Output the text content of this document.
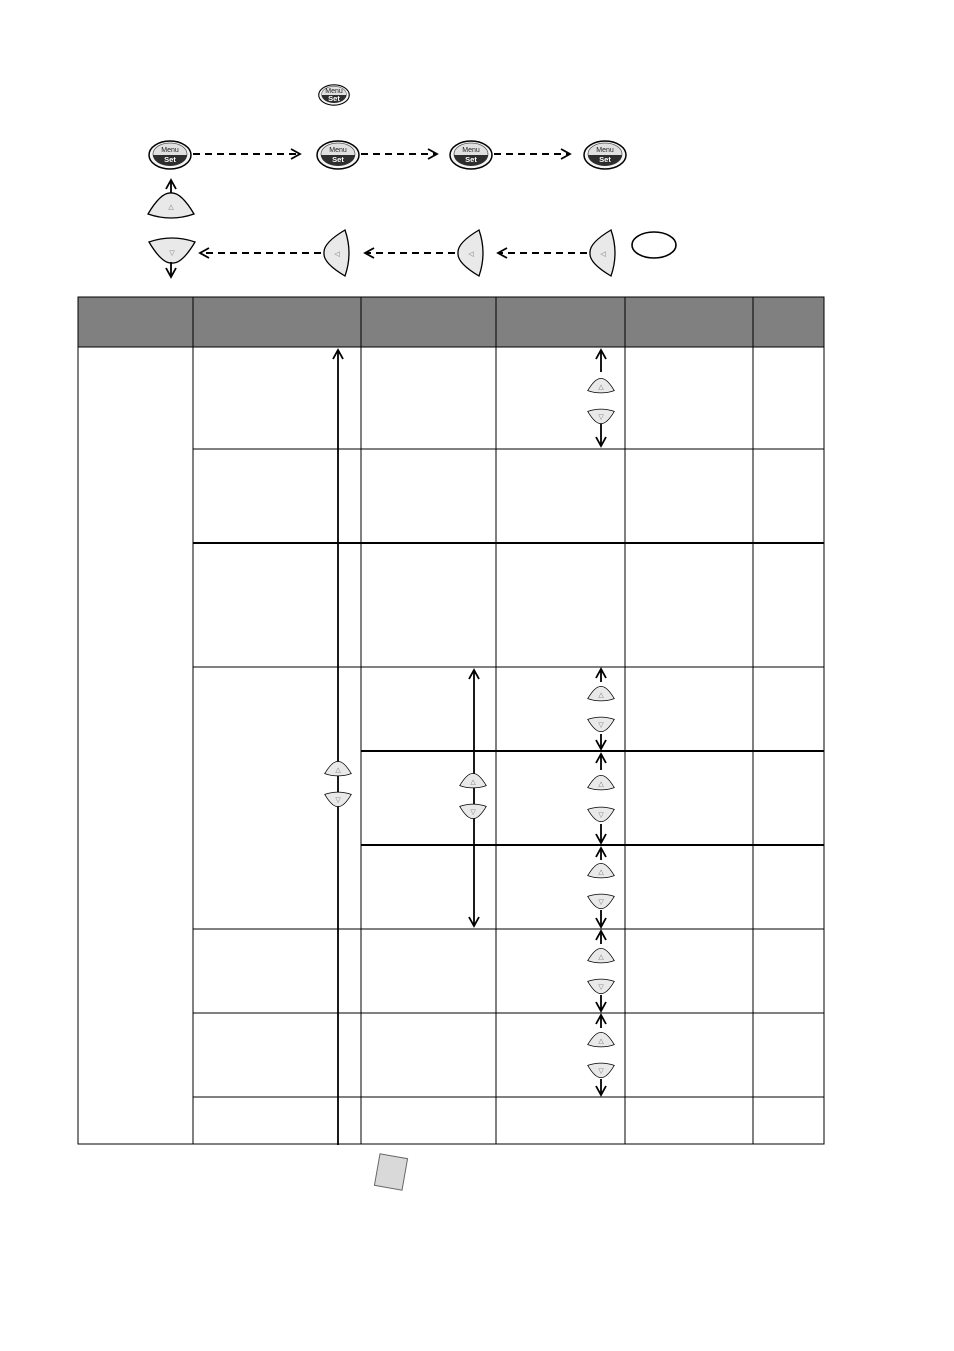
Menu
Set
Menu
Set
Menu
Set
Menu
Set
Menu
Set
△
▽	◁	◁	◁
△
▽
△
▽
△
▽
△
▽
△
▽
△
▽
△
▽
△
▽
